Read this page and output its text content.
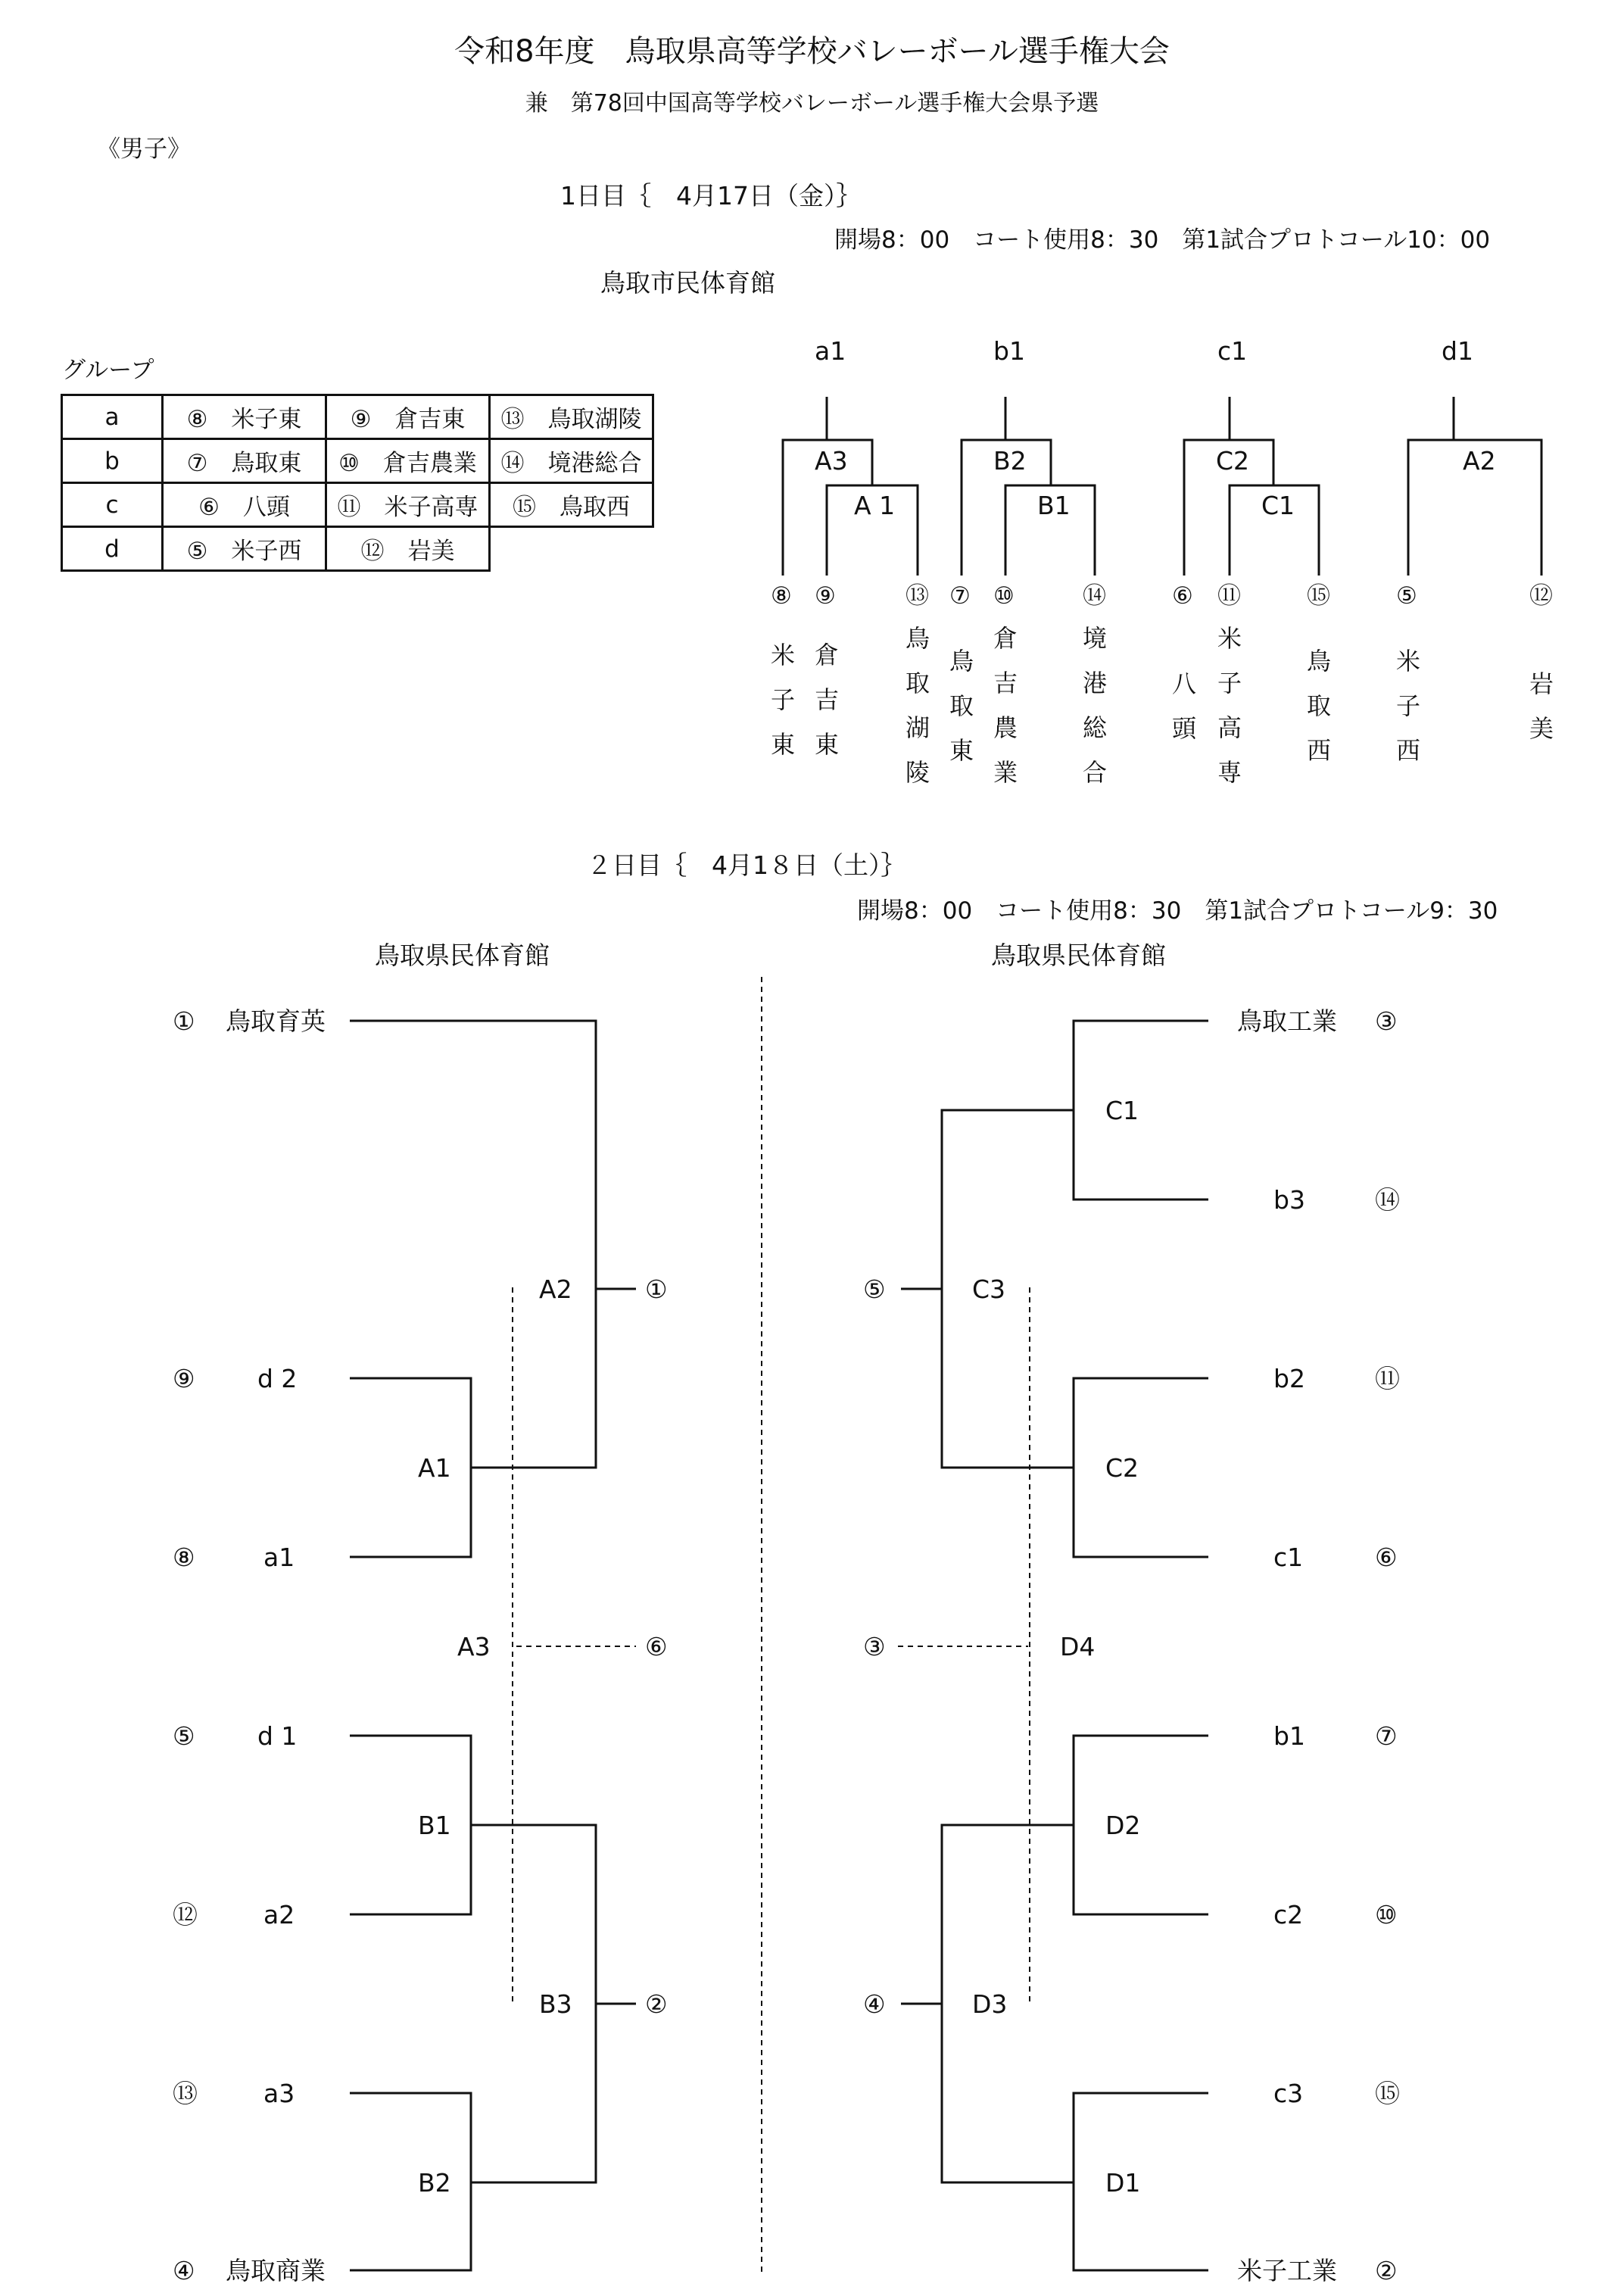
令和8年度　鳥取県高等学校バレーボール選手権大会
兼　第78回中国高等学校バレーボール選手権大会県予選
《男子》
1日目｛　4月17日（金）｝
開場8：00　コート使用8：30　第1試合プロトコール10：00
鳥取市民体育館
グループ
a	⑧　 米子東	⑨　 倉吉東	⑬　 鳥取湖陵
b	⑦　 鳥取東	⑩　 倉吉農業	⑭　 境港総合
c	⑥　 八頭	⑪　 米子高専	⑮　 鳥取西
d	⑤　 米子西	⑫　 岩美	
a1	b1	c1	d1
A3
A 1
B2
B1
C2
C1
A2
⑧ ⑨	⑬ ⑦ ⑩	⑭	⑥ ⑪	⑮	⑤	⑫
米子東
倉吉東
鳥取湖陵
鳥取東
倉吉農業
境港総合
八頭
米子高専
鳥取西
米子西
岩美
２日目｛　4月1８日（土）｝
開場8：00　コート使用8：30　第1試合プロトコール9：30
鳥取県民体育館	鳥取県民体育館
① 鳥取育英
⑨ d 2
⑧	a1
⑤ d 1
⑫	a2
⑬	a3
④ 鳥取商業
A2
A1
A3
B1
B3
B2
①
⑥
②
鳥取工業 ③
b3	⑭
b2	⑪
c1	⑥
b1	⑦
c2	⑩
c3	⑮
米子工業 ②
C1
C3
C2
D4
D2
D3
D1
⑤
③
④
